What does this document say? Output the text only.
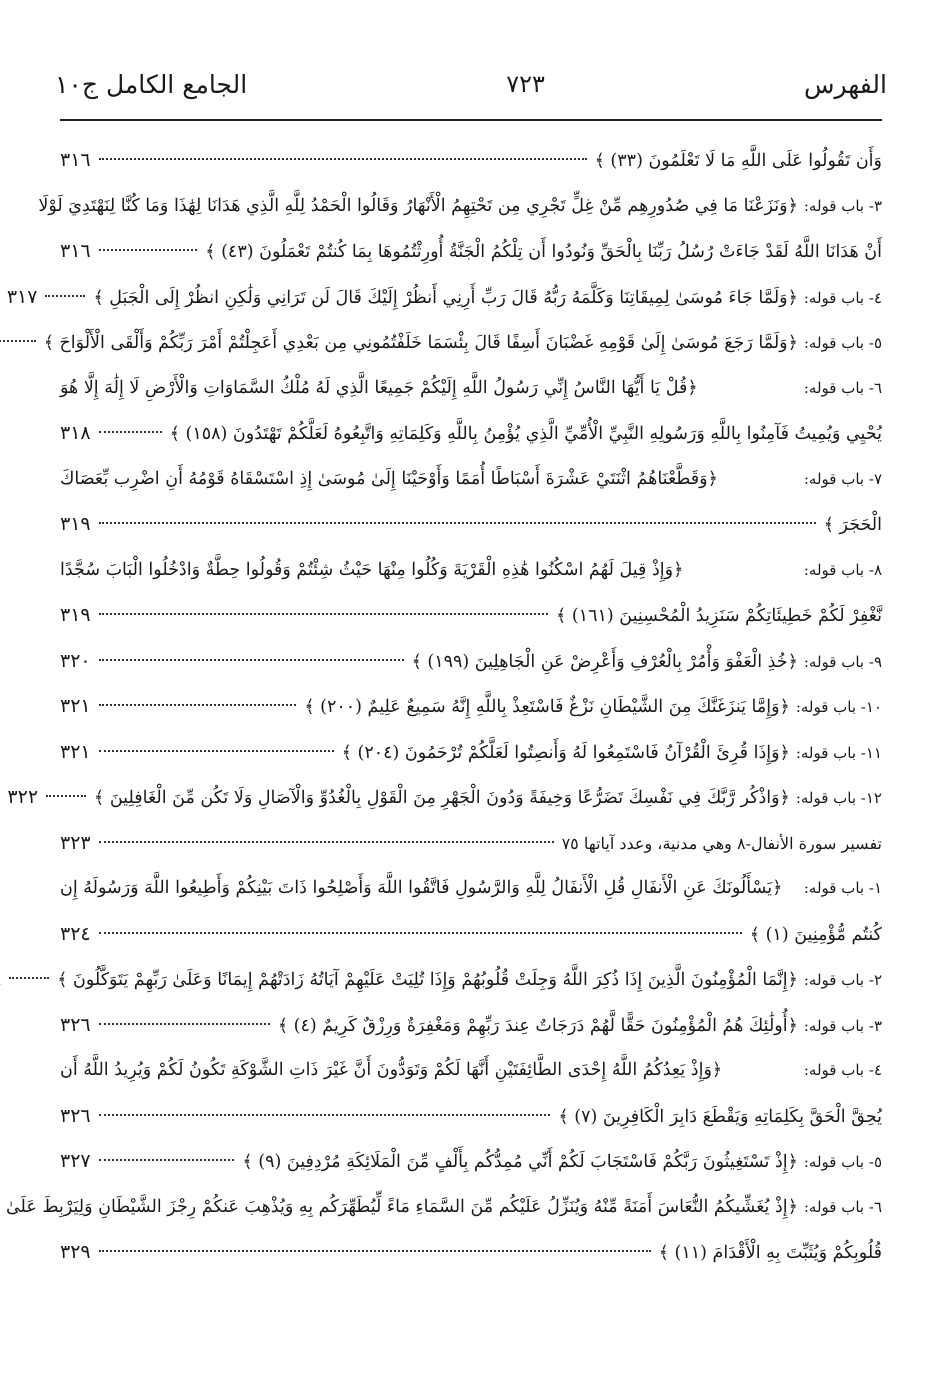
الفهرس
٧٢٣
الجامع الكامل ج١٠
وَأَن تَقُولُوا عَلَى اللَّهِ مَا لَا تَعْلَمُونَ (٣٣) ﴾
٣١٦
٣- باب قوله:
﴿وَنَزَعْنَا مَا فِي صُدُورِهِم مِّنْ غِلٍّ تَجْرِي مِن تَحْتِهِمُ الْأَنْهَارُ وَقَالُوا الْحَمْدُ لِلَّهِ الَّذِي هَدَانَا لِهَٰذَا وَمَا كُنَّا لِنَهْتَدِيَ لَوْلَا
أَنْ هَدَانَا اللَّهُ لَقَدْ جَاءَتْ رُسُلُ رَبِّنَا بِالْحَقِّ وَنُودُوا أَن تِلْكُمُ الْجَنَّةُ أُورِثْتُمُوهَا بِمَا كُنتُمْ تَعْمَلُونَ (٤٣) ﴾
٣١٦
٤- باب قوله:
﴿وَلَمَّا جَاءَ مُوسَىٰ لِمِيقَاتِنَا وَكَلَّمَهُ رَبُّهُ قَالَ رَبِّ أَرِنِي أَنظُرْ إِلَيْكَ قَالَ لَن تَرَانِي وَلَٰكِنِ انظُرْ إِلَى الْجَبَلِ ﴾
٣١٧
٥- باب قوله:
﴿وَلَمَّا رَجَعَ مُوسَىٰ إِلَىٰ قَوْمِهِ غَضْبَانَ أَسِفًا قَالَ بِئْسَمَا خَلَفْتُمُونِي مِن بَعْدِي أَعَجِلْتُمْ أَمْرَ رَبِّكُمْ وَأَلْقَى الْأَلْوَاحَ ﴾
٦- باب قوله:
﴿قُلْ يَا أَيُّهَا النَّاسُ إِنِّي رَسُولُ اللَّهِ إِلَيْكُمْ جَمِيعًا الَّذِي لَهُ مُلْكُ السَّمَاوَاتِ وَالْأَرْضِ لَا إِلَٰهَ إِلَّا هُوَ
يُحْيِي وَيُمِيتُ فَآمِنُوا بِاللَّهِ وَرَسُولِهِ النَّبِيِّ الْأُمِّيِّ الَّذِي يُؤْمِنُ بِاللَّهِ وَكَلِمَاتِهِ وَاتَّبِعُوهُ لَعَلَّكُمْ تَهْتَدُونَ (١٥٨) ﴾
٣١٨
٧- باب قوله:
﴿وَقَطَّعْنَاهُمُ اثْنَتَيْ عَشْرَةَ أَسْبَاطًا أُمَمًا وَأَوْحَيْنَا إِلَىٰ مُوسَىٰ إِذِ اسْتَسْقَاهُ قَوْمُهُ أَنِ اضْرِب بِّعَصَاكَ
الْحَجَرَ ﴾
٣١٩
٨- باب قوله:
﴿وَإِذْ قِيلَ لَهُمُ اسْكُنُوا هَٰذِهِ الْقَرْيَةَ وَكُلُوا مِنْهَا حَيْثُ شِئْتُمْ وَقُولُوا حِطَّةٌ وَادْخُلُوا الْبَابَ سُجَّدًا
نَّغْفِرْ لَكُمْ خَطِيئَاتِكُمْ سَنَزِيدُ الْمُحْسِنِينَ (١٦١) ﴾
٣١٩
٩- باب قوله:
﴿خُذِ الْعَفْوَ وَأْمُرْ بِالْعُرْفِ وَأَعْرِضْ عَنِ الْجَاهِلِينَ (١٩٩) ﴾
٣٢٠
١٠- باب قوله:
﴿وَإِمَّا يَنزَغَنَّكَ مِنَ الشَّيْطَانِ نَزْغٌ فَاسْتَعِذْ بِاللَّهِ إِنَّهُ سَمِيعٌ عَلِيمٌ (٢٠٠) ﴾
٣٢١
١١- باب قوله:
﴿وَإِذَا قُرِئَ الْقُرْآنُ فَاسْتَمِعُوا لَهُ وَأَنصِتُوا لَعَلَّكُمْ تُرْحَمُونَ (٢٠٤) ﴾
٣٢١
١٢- باب قوله:
﴿وَاذْكُر رَّبَّكَ فِي نَفْسِكَ تَضَرُّعًا وَخِيفَةً وَدُونَ الْجَهْرِ مِنَ الْقَوْلِ بِالْغُدُوِّ وَالْآصَالِ وَلَا تَكُن مِّنَ الْغَافِلِينَ ﴾
٣٢٢
تفسير سورة الأنفال-٨ وهي مدنية، وعدد آياتها ٧٥
٣٢٣
١- باب قوله:
﴿يَسْأَلُونَكَ عَنِ الْأَنفَالِ قُلِ الْأَنفَالُ لِلَّهِ وَالرَّسُولِ فَاتَّقُوا اللَّهَ وَأَصْلِحُوا ذَاتَ بَيْنِكُمْ وَأَطِيعُوا اللَّهَ وَرَسُولَهُ إِن
كُنتُم مُّؤْمِنِينَ (١) ﴾
٣٢٤
٢- باب قوله:
﴿إِنَّمَا الْمُؤْمِنُونَ الَّذِينَ إِذَا ذُكِرَ اللَّهُ وَجِلَتْ قُلُوبُهُمْ وَإِذَا تُلِيَتْ عَلَيْهِمْ آيَاتُهُ زَادَتْهُمْ إِيمَانًا وَعَلَىٰ رَبِّهِمْ يَتَوَكَّلُونَ ﴾
٣- باب قوله:
﴿أُولَٰئِكَ هُمُ الْمُؤْمِنُونَ حَقًّا لَّهُمْ دَرَجَاتٌ عِندَ رَبِّهِمْ وَمَغْفِرَةٌ وَرِزْقٌ كَرِيمٌ (٤) ﴾
٣٢٦
٤- باب قوله:
﴿وَإِذْ يَعِدُكُمُ اللَّهُ إِحْدَى الطَّائِفَتَيْنِ أَنَّهَا لَكُمْ وَتَوَدُّونَ أَنَّ غَيْرَ ذَاتِ الشَّوْكَةِ تَكُونُ لَكُمْ وَيُرِيدُ اللَّهُ أَن
يُحِقَّ الْحَقَّ بِكَلِمَاتِهِ وَيَقْطَعَ دَابِرَ الْكَافِرِينَ (٧) ﴾
٣٢٦
٥- باب قوله:
﴿إِذْ تَسْتَغِيثُونَ رَبَّكُمْ فَاسْتَجَابَ لَكُمْ أَنِّي مُمِدُّكُم بِأَلْفٍ مِّنَ الْمَلَائِكَةِ مُرْدِفِينَ (٩) ﴾
٣٢٧
٦- باب قوله:
﴿إِذْ يُغَشِّيكُمُ النُّعَاسَ أَمَنَةً مِّنْهُ وَيُنَزِّلُ عَلَيْكُم مِّنَ السَّمَاءِ مَاءً لِّيُطَهِّرَكُم بِهِ وَيُذْهِبَ عَنكُمْ رِجْزَ الشَّيْطَانِ وَلِيَرْبِطَ عَلَىٰ
قُلُوبِكُمْ وَيُثَبِّتَ بِهِ الْأَقْدَامَ (١١) ﴾
٣٢٩
